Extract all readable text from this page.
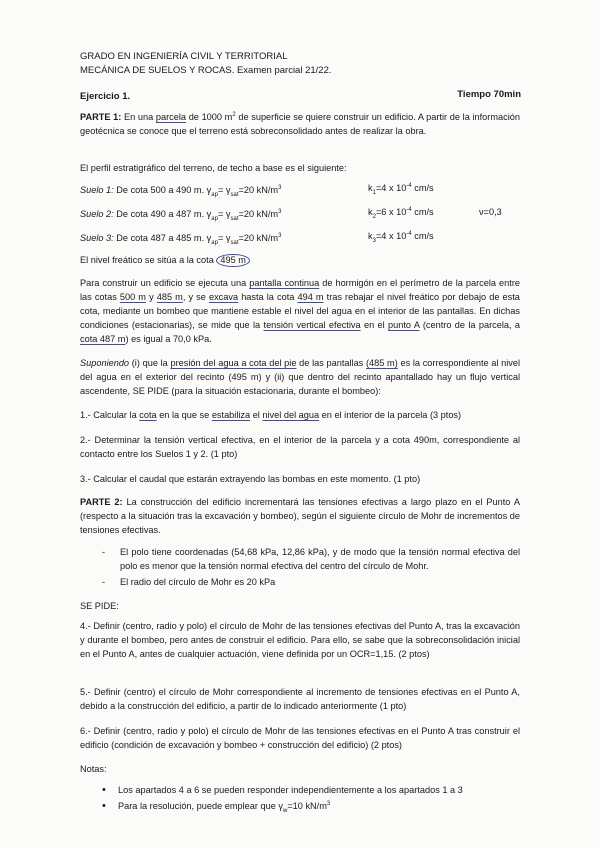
GRADO EN INGENIERÍA CIVIL Y TERRITORIAL
MECÁNICA DE SUELOS Y ROCAS. Examen parcial 21/22.
Ejercicio 1.	Tiempo 70min
PARTE 1: En una parcela de 1000 $m^2$ de superficie se quiere construir un edificio. A partir de la información geotécnica se conoce que el terreno está sobreconsolidado antes de realizar la obra.
El perfil estratigráfico del terreno, de techo a base es el siguiente:
Suelo 1: De cota 500 a 490 m. $\gamma_{ap}= \gamma_{sat}=20$ $kN/m^3$	$k_1=4$ x $10^{-4}$ cm/s
Suelo 2: De cota 490 a 487 m. $\gamma_{ap}= \gamma_{sat}=20$ $kN/m^3$	$k_2=6$ x $10^{-4}$ cm/s	ν=0,3
Suelo 3: De cota 487 a 485 m. $\gamma_{ap}= \gamma_{sat}=20$ $kN/m^3$	$k_3=4$ x $10^{-4}$ cm/s
El nivel freático se sitúa a la cota 495 m
Para construir un edificio se ejecuta una pantalla continua de hormigón en el perímetro de la parcela entre las cotas 500 m y 485 m, y se excava hasta la cota 494 m tras rebajar el nivel freático por debajo de esta cota, mediante un bombeo que mantiene estable el nivel del agua en el interior de las pantallas. En dichas condiciones (estacionarias), se mide que la tensión vertical efectiva en el punto A (centro de la parcela, a cota 487 m) es igual a 70,0 kPa.
Suponiendo (i) que la presión del agua a cota del pie de las pantallas (485 m) es la correspondiente al nivel del agua en el exterior del recinto (495 m) y (ii) que dentro del recinto apantallado hay un flujo vertical ascendente, SE PIDE (para la situación estacionaria, durante el bombeo):
1.- Calcular la cota en la que se estabiliza el nivel del agua en el interior de la parcela (3 ptos)
2.- Determinar la tensión vertical efectiva, en el interior de la parcela y a cota 490m, correspondiente al contacto entre los Suelos 1 y 2. (1 pto)
3.- Calcular el caudal que estarán extrayendo las bombas en este momento. (1 pto)
PARTE 2: La construcción del edificio incrementará las tensiones efectivas a largo plazo en el Punto A (respecto a la situación tras la excavación y bombeo), según el siguiente círculo de Mohr de incrementos de tensiones efectivas.
- El polo tiene coordenadas (54,68 kPa, 12,86 kPa), y de modo que la tensión normal efectiva del polo es menor que la tensión normal efectiva del centro del círculo de Mohr.
- El radio del círculo de Mohr es 20 kPa
SE PIDE:
4.- Definir (centro, radio y polo) el círculo de Mohr de las tensiones efectivas del Punto A, tras la excavación y durante el bombeo, pero antes de construir el edificio. Para ello, se sabe que la sobreconsolidación inicial en el Punto A, antes de cualquier actuación, viene definida por un OCR=1,15. (2 ptos)
5.- Definir (centro) el círculo de Mohr correspondiente al incremento de tensiones efectivas en el Punto A, debido a la construcción del edificio, a partir de lo indicado anteriormente (1 pto)
6.- Definir (centro, radio y polo) el círculo de Mohr de las tensiones efectivas en el Punto A tras construir el edificio (condición de excavación y bombeo + construcción del edificio) (2 ptos)
Notas:
• Los apartados 4 a 6 se pueden responder independientemente a los apartados 1 a 3
• Para la resolución, puede emplear que $\gamma_w=10$ $kN/m^3$
